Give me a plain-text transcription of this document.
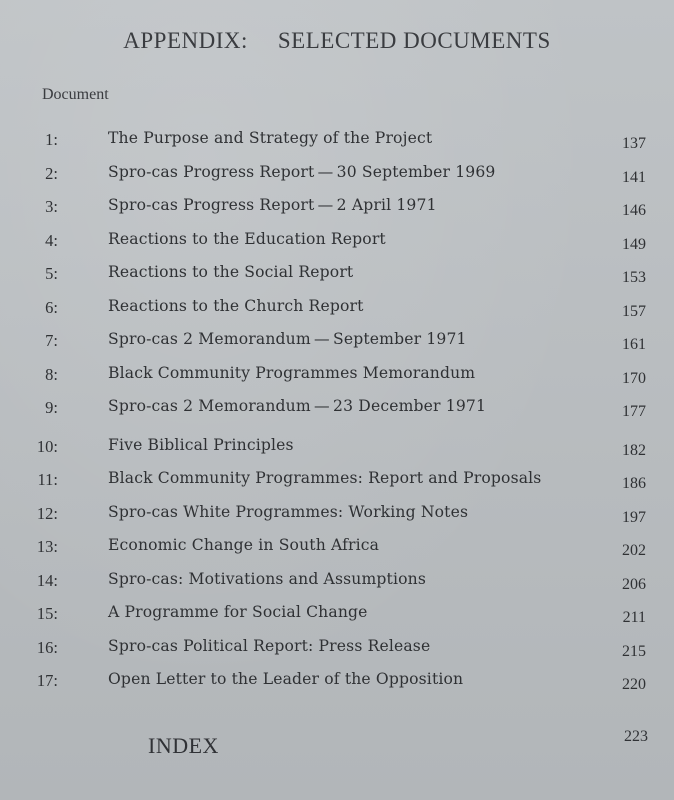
APPENDIX: SELECTED DOCUMENTS
Document
1:	The Purpose and Strategy of the Project	137
2:	Spro-cas Progress Report — 30 September 1969	141
3:	Spro-cas Progress Report — 2 April 1971	146
4:	Reactions to the Education Report	149
5:	Reactions to the Social Report	153
6:	Reactions to the Church Report	157
7:	Spro-cas 2 Memorandum — September 1971	161
8:	Black Community Programmes Memorandum	170
9:	Spro-cas 2 Memorandum — 23 December 1971	177
10:	Five Biblical Principles	182
11:	Black Community Programmes: Report and Proposals	186
12:	Spro-cas White Programmes: Working Notes	197
13:	Economic Change in South Africa	202
14:	Spro-cas: Motivations and Assumptions	206
15:	A Programme for Social Change	211
16:	Spro-cas Political Report: Press Release	215
17:	Open Letter to the Leader of the Opposition	220
INDEX	223
